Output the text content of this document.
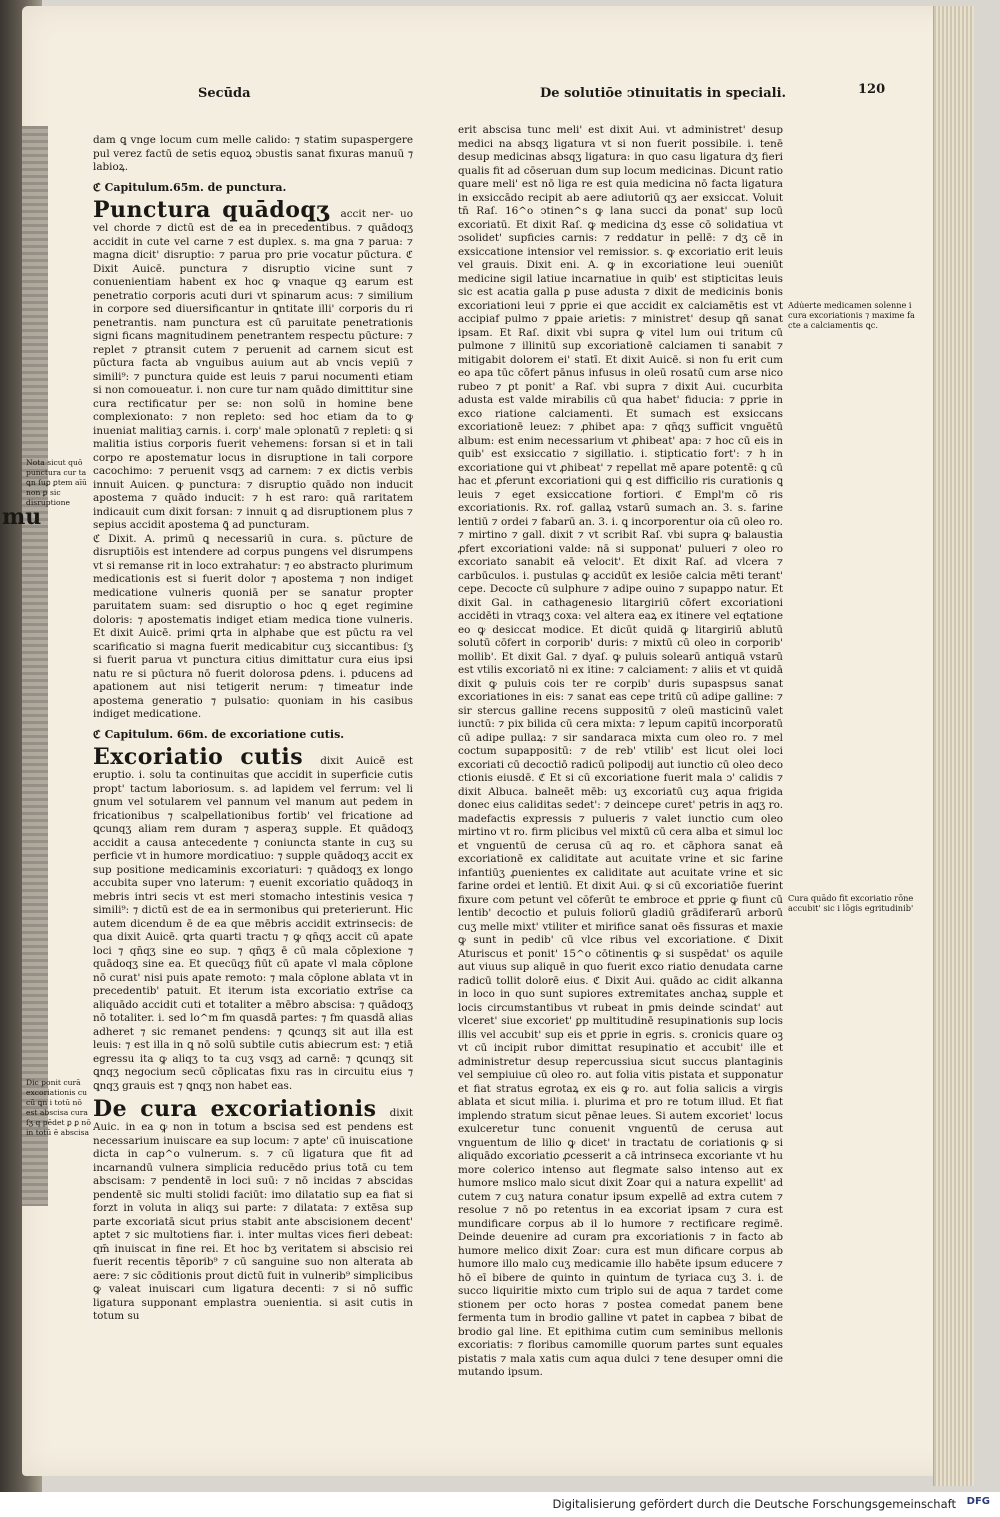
Secūda	De solutiōe ↄtinuitatis in speciali.	120

dam ꝗ vnge locum cum melle calido: ⁊ statim supaspergere pul verez factū de setis equoꝝ ↄbustis sanat fixuras manuū ⁊ labioꝝ.

ℭ Capitulum.65m. de punctura.

Punctura quādoqʒ accit ner‑ uo vel chorde ⁊ dictū est de ea in precedentibus. ⁊ quādoqʒ accidit in cute vel carne ⁊ est duplex. s. ma gna ⁊ parua: ⁊ magna dicit' disruptio: ⁊ parua pro prie vocatur pūctura. ℭ Dixit Auicē. punctura ⁊ disruptio vicine sunt ⁊ conuenientiam habent ex hoc ꝙ vnaque qꝫ earum est penetratio corporis acuti duri vt spinarum acus: ⁊ similium in corpore sed diuersificantur in ꝗntitate illi' corporis du ri penetrantis. nam punctura est cū paruitate penetrationis signi ficans magnitudinem penetrantem respectu pūcture: ⁊ replet ⁊ ꝑtransit cutem ⁊ peruenit ad carnem sicut est pūctura facta ab vnguibus auium aut ab vncis vepiū ⁊ simili⁹: ⁊ punctura quide est leuis ⁊ parui nocumenti etiam si non comoueatur. i. non cure tur nam quādo dimittitur sine cura rectificatur per se: non solū in homine bene complexionato: ⁊ non repleto: sed hoc etiam da to ꝙ inueniat malitiaʒ carnis. i. corp' male ↄplonatū ⁊ repleti: ꝗ si malitia istius corporis fuerit vehemens: forsan si et in tali corpo re apostematur locus in disruptione in tali corpore cacochimo: ⁊ peruenit vsqʒ ad carnem: ⁊ ex dictis verbis innuit Auicen. ꝙ punctura: ⁊ disruptio quādo non inducit apostema ⁊ quādo inducit: ⁊ h est raro: quā raritatem indicauit cum dixit forsan: ⁊ innuit ꝗ ad disruptionem plus ⁊ sepius accidit apostema ꝗ̄ ad puncturam.

ℭ Dixit. A. primū ꝗ necessariū in cura. s. pūcture de disruptiōis est intendere ad corpus pungens vel disrumpens vt si remanse rit in loco extrahatur: ⁊ eo abstracto plurimum medicationis est si fuerit dolor ⁊ apostema ⁊ non indiget medicatione vulneris quoniā per se sanatur propter paruitatem suam: sed disruptio o hoc ꝗ eget regimine doloris: ⁊ apostematis indiget etiam medica tione vulneris. Et dixit Auicē. primi ꝗrta in alphabe que est pūctu ra vel scarificatio si magna fuerit medicabitur cuʒ siccantibus: ſʒ si fuerit parua vt punctura citius dimittatur cura eius ipsi natu re si pūctura nō fuerit dolorosa ꝑdens. i. pducens ad apationem aut nisi tetigerit nerum: ⁊ timeatur inde apostema generatio ⁊ pulsatio: quoniam in his casibus indiget medicatione.

ℭ Capitulum. 66m. de excoriatione cutis.

Excoriatio cutis dixit Auicē est eruptio. i. solu ta continuitas que accidit in superficie cutis propt' tactum laboriosum. s. ad lapidem vel ferrum: vel li gnum vel sotularem vel pannum vel manum aut pedem in fricationibus ⁊ scalpellationibus fortib' vel fricatione ad ꝗcunqʒ aliam rem duram ⁊ asperaʒ supple. Et quādoqʒ accidit a causa antecedente ⁊ coniuncta stante in cuʒ su perficie vt in humore mordicatiuo: ⁊ supple quādoqʒ accit ex sup positione medicaminis excoriaturi: ⁊ quādoqʒ ex longo accubita super vno laterum: ⁊ euenit excoriatio quādoqʒ in mebris intri secis vt est meri stomacho intestinis vesica ⁊ simili⁹: ⁊ dictū est de ea in sermonibus qui preterierunt. Hic autem dicendum ē de ea que mēbris accidit extrinsecis: de qua dixit Auicē. ꝗrta quarti tractu ⁊ ꝙ qn̄qʒ accit cū apate loci ⁊ qn̄qʒ sine eo sup. ⁊ qn̄qʒ ē cū mala cōplexione ⁊ quādoqʒ sine ea. Et quecūqʒ fiūt cū apate vl mala cōplone nō curat' nisi puis apate remoto: ⁊ mala cōplone ablata vt in precedentib' patuit. Et iterum ista excoriatio extrīse ca aliquādo accidit cuti et totaliter a mēbro abscisa: ⁊ quādoqʒ nō totaliter. i. sed lo^m fm quasdā partes: ⁊ fm quasdā alias adheret ⁊ sic remanet pendens: ⁊ ꝗcunqʒ sit aut illa est leuis: ⁊ est illa in ꝗ nō solū subtile cutis abiecrum est: ⁊ etiā egressu ita ꝙ aliqʒ to ta cuʒ vsqʒ ad carnē: ⁊ ꝗcunqʒ sit ꝗnqʒ negocium secū cōplicatas fixu ras in circuitu eius ⁊ ꝗnqʒ grauis est ⁊ ꝗnqʒ non habet eas.

De cura excoriationis dixit Auic. in ea ꝙ non in totum a bscisa sed est pendens est necessarium inuiscare ea sup locum: ⁊ apte' cū inuiscatione dicta in cap^o vulnerum. s. ⁊ cū ligatura que fit ad incarnandū vulnera simplicia reducēdo prius totā cu tem abscisam: ⁊ pendentē in loci suū: ⁊ nō incidas ⁊ abscidas pendentē sic multi stolidi faciūt: imo dilatatio sup ea fiat si forzt in voluta in aliqʒ sui parte: ⁊ dilatata: ⁊ extēsa sup parte excoriatā sicut prius stabit ante abscisionem decent' aptet ⁊ sic multotiens fiar. i. inter multas vices fieri debeat: qm̄ inuiscat in fine rei. Et hoc bʒ veritatem si abscisio rei fuerit recentis tēporib⁹ ⁊ cū sanguine suo non alterata ab aere: ⁊ sic cōditionis prout dictū fuit in vulnerib⁹ simplicibus ꝙ valeat inuiscari cum ligatura decenti: ⁊ si nō suffic ligatura supponant emplastra ↄuenientia. si asit cutis in totum su

erit abscisa tunc meli' est dixit Aui. vt administret' desup medici na absqʒ ligatura vt si non fuerit possibile. i. tenē desup medicinas absqʒ ligatura: in quo casu ligatura dʒ fieri qualis fit ad cōseruan dum sup locum medicinas. Dicunt ratio quare meli' est nō liga re est quia medicina nō facta ligatura in exsiccādo recipit ab aere adiutoriū qʒ aer exsiccat. Voluit tn̄ Raſ. 16^o ↄtinen^s ꝙ lana succi da ponat' sup locū excoriatū. Et dixit Raſ. ꝙ medicina dʒ esse cō solidatiua vt ↄsolidet' supficies carnis: ⁊ reddatur in pellē: ⁊ dʒ cē in exsiccatione intensior vel remissior. s. ꝙ excoriatio erit leuis vel grauis. Dixit eni. A. ꝙ in excoriatione leui ↄueniūt medicine sigil latiue incarnatiue in quib' est stipticitas leuis sic est acatia galla ꝑ puse adusta ⁊ dixit de medicinis bonis excoriationi leui ⁊ ꝑprie ei que accidit ex calciamētis est vt accipiaf pulmo ⁊ ꝑpaie arietis: ⁊ ministret' desup ꝗñ sanat ipsam. Et Raſ. dixit vbi supra ꝙ vitel lum oui tritum cū pulmone ⁊ illinitū sup excoriationē calciamen ti sanabit ⁊ mitigabit dolorem ei' statī. Et dixit Auicē. si non fu erit cum eo apa tūc cōfert pānus infusus in oleū rosatū cum arse nico rubeo ⁊ ꝑt ponit' a Raſ. vbi supra ⁊ dixit Aui. cucurbita adusta est valde mirabilis cū qua habet' fiducia: ⁊ ꝑprie in exco riatione calciamenti. Et sumach est exsiccans excoriationē leuez: ⁊ ꝓhibet apa: ⁊ qn̄qʒ sufficit vnguētū album: est enim necessarium vt ꝓhibeat' apa: ⁊ hoc cū eis in quib' est exsiccatio ⁊ sigillatio. i. stipticatio fort': ⁊ h in excoriatione ꝗui vt ꝓhibeat' ⁊ repellat mē apare potentē: ꝗ cū hac et ꝓferunt excoriationi ꝗui ꝗ est difficilio ris curationis ꝗ leuis ⁊ eget exsiccatione fortiori. ℭ Empl'm cō ris excoriationis. Rx. rof. gallaꝝ vstarū sumach an. 3. s. farine lentiū ⁊ ordei ⁊ fabarū an. 3. i. ꝗ incorporentur oia cū oleo ro. ⁊ mirtino ⁊ gall. dixit ⁊ vt scribit Raſ. vbi supra ꝙ balaustia ꝓfert excoriationi valde: nā si supponat' pulueri ⁊ oleo ro excoriato sanabit eā velocit'. Et dixit Raſ. ad vlcera ⁊ carbūculos. i. pustulas ꝙ accidūt ex lesiōe calcia mēti terant' cepe. Decocte cū sulphure ⁊ adipe ouino ⁊ supappo natur. Et dixit Gal. in cathagenesio litargiriū cōfert excoriationi accidēti in vtraqʒ coxa: vel altera eaꝝ ex itinere vel eqtatione eo ꝙ desiccat modice. Et dicūt quidā ꝙ litargiriū ablutū solutū cōfert in corporib' duris: ⁊ mixtū cū oleo in corporib' mollib'. Et dixit Gal. ⁊ dyaſ. ꝙ puluis solearū antiquā vstarū est vtilis excoriatō ni ex itine: ⁊ calciament: ⁊ aliis et vt quidā dixit ꝙ puluis cois ter re corpib' duris supaspsus sanat excoriationes in eis: ⁊ sanat eas cepe tritū cū adipe galline: ⁊ sir stercus galline recens suppositū ⁊ oleū masticinū valet iunctū: ⁊ pix bilida cū cera mixta: ⁊ lepum capitū incorporatū cū adipe pullaꝝ: ⁊ sir sandaraca mixta cum oleo ro. ⁊ mel coctum supappositū: ⁊ de reb' vtilib' est licut olei loci excoriati cū decoctiō radicū polipodij aut iunctio cū oleo deco ctionis eiusdē. ℭ Et si cū excoriatione fuerit mala ↄ' calidis ⁊ dixit Albuca. balneēt mēb: uʒ excoriatū cuʒ aqua frigida donec eius caliditas sedet': ⁊ deincepe curet' petris in aqʒ ro. madefactis expressis ⁊ pulueris ⁊ valet iunctio cum oleo mirtino vt ro. firm plicibus vel mixtū cū cera alba et simul loc et vnguentū de cerusa cū aq ro. et cāphora sanat eā excoriationē ex caliditate aut acuitate vrine et sic farine infantiūʒ ꝓuenientes ex caliditate aut acuitate vrine et sic farine ordei et lentiū. Et dixit Aui. ꝙ si cū excoriatiōe fuerint fixure com petunt vel cōferūt te embroce et ꝑprie ꝙ fiunt cū lentib' decoctio et puluis foliorū gladiū grādiferarū arborū cuʒ melle mixt' vtiliter et mirifice sanat oēs fissuras et maxie ꝙ sunt in pedib' cū vlce ribus vel excoriatione. ℭ Dixit Aturiscus et ponit' 15^o cōtinentis ꝙ si suspēdat' os aquile aut viuus sup aliquē in quo fuerit exco riatio denudata carne radicū tollit dolorē eius. ℭ Dixit Aui. quādo ac cidit alkanna in loco in quo sunt supiores extremitates anchaꝝ supple et locis circumstantibus vt rubeat in ꝑmis deinde scindat' aut vlceret' siue excoriet' ꝑp multitudinē resupinationis sup locis illis vel accubit' sup eis et ꝑprie in egris. s. cronicis quare oꝫ vt cū incipit rubor dimittat resupinatio et accubit' ille et administretur desup repercussiua sicut succus plantaginis vel sempiuiue cū oleo ro. aut folia vitis pistata et supponatur et fiat stratus egrotaꝝ ex eis ꝙ ro. aut folia salicis a virgis ablata et sicut milia. i. plurima et pro re totum illud. Et fiat implendo stratum sicut pēnae leues. Si autem excoriet' locus exulceretur tunc conuenit vnguentū de cerusa aut vnguentum de lilio ꝙ dicet' in tractatu de coriationis ꝙ si aliquādo excoriatio ꝓcesserit a cā intrinseca excoriante vt hu more colerico intenso aut flegmate salso intenso aut ex humore mslico malo sicut dixit Zoar qui a natura expellit' ad cutem ⁊ cuʒ natura conatur ipsum expellē ad extra cutem ⁊ resolue ⁊ nō po retentus in ea excoriat ipsam ⁊ cura est mundificare corpus ab il lo humore ⁊ rectificare regimē. Deinde deuenire ad curam ꝑra excoriationis ⁊ in facto ab humore melico dixit Zoar: cura est mun dificare corpus ab humore illo malo cuʒ medicamie illo habēte ipsum educere ⁊ hō eī bibere de quinto in quintum de tyriaca cuʒ 3. i. de succo liquiritie mixto cum triplo sui de aqua ⁊ tardet come stionem per octo horas ⁊ postea comedat panem bene fermenta tum in brodio galline vt patet in capbea ⁊ bibat de brodio gal line. Et epithima cutim cum seminibus mellonis excoriatis: ⁊ floribus camomille quorum partes sunt equales pistatis ⁊ mala xatis cum aqua dulci ⁊ tene desuper omni die mutando ipsum.

Adu̇erte medicamen solenne i cura excoriationis ⁊ maxime fa cte a calciamentis ꝗc.
Cura quādo fit excoriatio rōne accubit' sic i lōgis egritudinib'
Nota sicut quō punctura cur ta ꝗn ſuꝑ ꝑtem aīū non ꝑ sic disruptione
Dic ponit curā excoriationis cu cū ꝗn i totū nō est abscisa cura ſʒ q pēdet ꝑ ꝑ nō in totū ē abscisa
mu
Digitalisierung gefördert durch die Deutsche Forschungsgemeinschaft DFG
